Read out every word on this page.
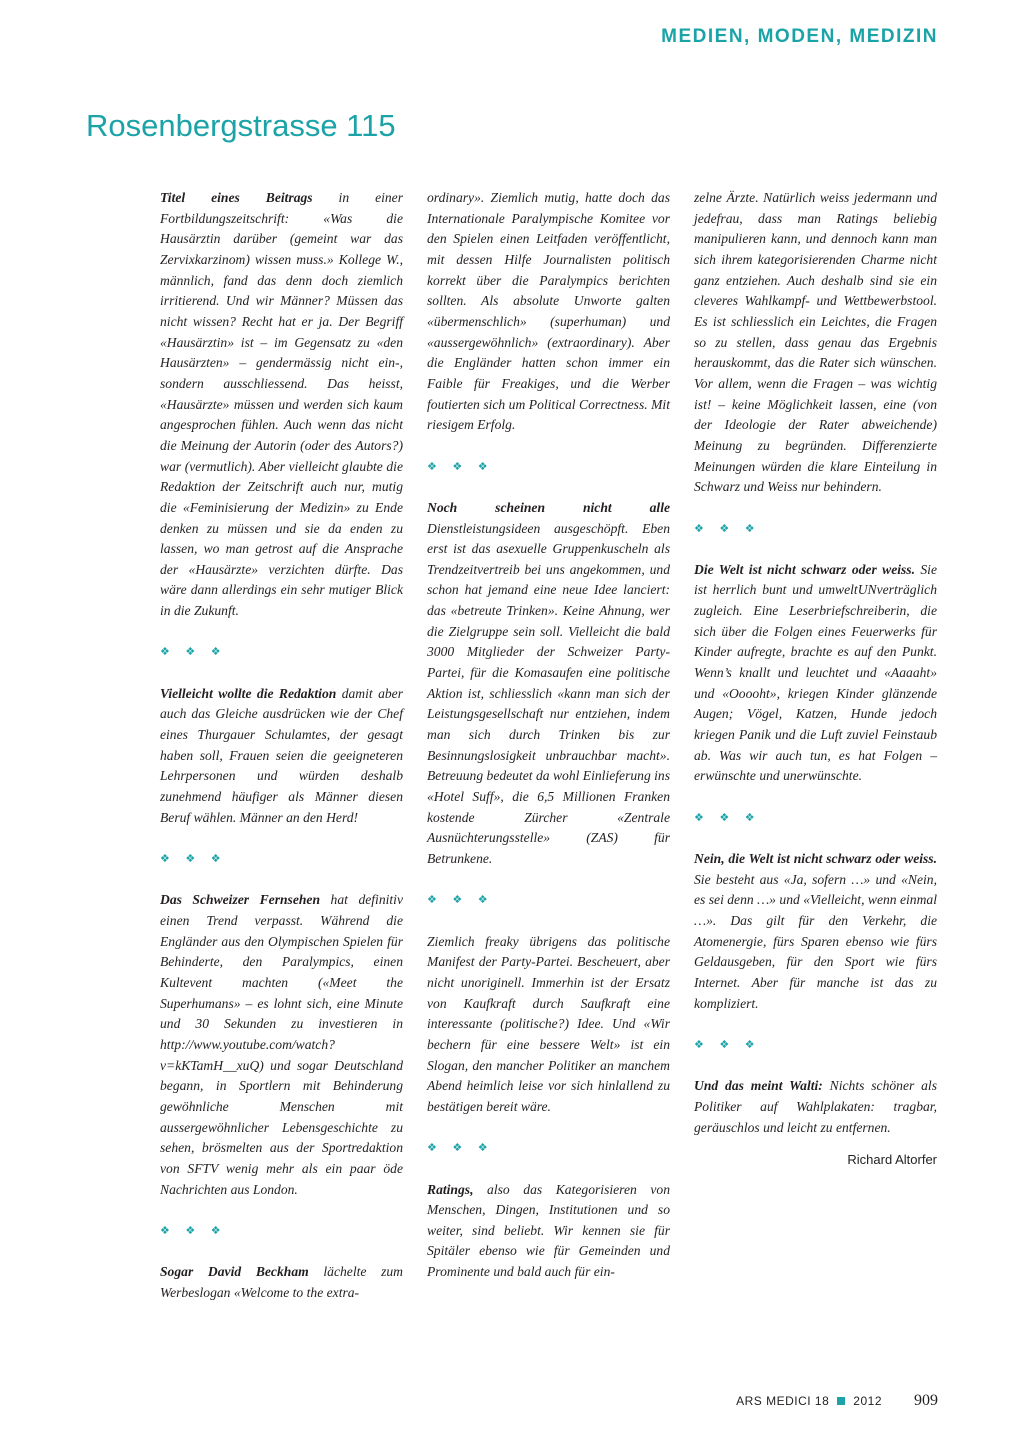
MEDIEN, MODEN, MEDIZIN
Rosenbergstrasse 115

Titel eines Beitrags in einer Fortbildungszeitschrift: «Was die Hausärztin darüber (gemeint war das Zervixkarzinom) wissen muss.» Kollege W., männlich, fand das denn doch ziemlich irritierend. Und wir Männer? Müssen das nicht wissen? Recht hat er ja. Der Begriff «Hausärztin» ist – im Gegensatz zu «den Hausärzten» – gendermässig nicht ein-, sondern ausschliessend. Das heisst, «Hausärzte» müssen und werden sich kaum angesprochen fühlen. Auch wenn das nicht die Meinung der Autorin (oder des Autors?) war (vermutlich). Aber vielleicht glaubte die Redaktion der Zeitschrift auch nur, mutig die «Feminisierung der Medizin» zu Ende denken zu müssen und sie da enden zu lassen, wo man getrost auf die Ansprache der «Hausärzte» verzichten dürfte. Das wäre dann allerdings ein sehr mutiger Blick in die Zukunft.

❖ ❖ ❖

Vielleicht wollte die Redaktion damit aber auch das Gleiche ausdrücken wie der Chef eines Thurgauer Schulamtes, der gesagt haben soll, Frauen seien die geeigneteren Lehrpersonen und würden deshalb zunehmend häufiger als Männer diesen Beruf wählen. Männer an den Herd!

❖ ❖ ❖

Das Schweizer Fernsehen hat definitiv einen Trend verpasst. Während die Engländer aus den Olympischen Spielen für Behinderte, den Paralympics, einen Kultevent machten («Meet the Superhumans» – es lohnt sich, eine Minute und 30 Sekunden zu investieren in http://www.youtube.com/watch?v=kKTamH__xuQ) und sogar Deutschland begann, in Sportlern mit Behinderung gewöhnliche Menschen mit aussergewöhnlicher Lebensgeschichte zu sehen, brösmelten aus der Sportredaktion von SFTV wenig mehr als ein paar öde Nachrichten aus London.

❖ ❖ ❖

Sogar David Beckham lächelte zum Werbeslogan «Welcome to the extra-

ordinary». Ziemlich mutig, hatte doch das Internationale Paralympische Komitee vor den Spielen einen Leitfaden veröffentlicht, mit dessen Hilfe Journalisten politisch korrekt über die Paralympics berichten sollten. Als absolute Unworte galten «übermenschlich» (superhuman) und «aussergewöhnlich» (extraordinary). Aber die Engländer hatten schon immer ein Faible für Freakiges, und die Werber foutierten sich um Political Correctness. Mit riesigem Erfolg.

❖ ❖ ❖

Noch scheinen nicht alle Dienstleistungsideen ausgeschöpft. Eben erst ist das asexuelle Gruppenkuscheln als Trendzeitvertreib bei uns angekommen, und schon hat jemand eine neue Idee lanciert: das «betreute Trinken». Keine Ahnung, wer die Zielgruppe sein soll. Vielleicht die bald 3000 Mitglieder der Schweizer Party-Partei, für die Komasaufen eine politische Aktion ist, schliesslich «kann man sich der Leistungsgesellschaft nur entziehen, indem man sich durch Trinken bis zur Besinnungslosigkeit unbrauchbar macht». Betreuung bedeutet da wohl Einlieferung ins «Hotel Suff», die 6,5 Millionen Franken kostende Zürcher «Zentrale Ausnüchterungsstelle» (ZAS) für Betrunkene.

❖ ❖ ❖

Ziemlich freaky übrigens das politische Manifest der Party-Partei. Bescheuert, aber nicht unoriginell. Immerhin ist der Ersatz von Kaufkraft durch Saufkraft eine interessante (politische?) Idee. Und «Wir bechern für eine bessere Welt» ist ein Slogan, den mancher Politiker an manchem Abend heimlich leise vor sich hinlallend zu bestätigen bereit wäre.

❖ ❖ ❖

Ratings, also das Kategorisieren von Menschen, Dingen, Institutionen und so weiter, sind beliebt. Wir kennen sie für Spitäler ebenso wie für Gemeinden und Prominente und bald auch für ein-

zelne Ärzte. Natürlich weiss jedermann und jedefrau, dass man Ratings beliebig manipulieren kann, und dennoch kann man sich ihrem kategorisierenden Charme nicht ganz entziehen. Auch deshalb sind sie ein cleveres Wahlkampf- und Wettbewerbstool. Es ist schliesslich ein Leichtes, die Fragen so zu stellen, dass genau das Ergebnis herauskommt, das die Rater sich wünschen. Vor allem, wenn die Fragen – was wichtig ist! – keine Möglichkeit lassen, eine (von der Ideologie der Rater abweichende) Meinung zu begründen. Differenzierte Meinungen würden die klare Einteilung in Schwarz und Weiss nur behindern.

❖ ❖ ❖

Die Welt ist nicht schwarz oder weiss. Sie ist herrlich bunt und umweltUNverträglich zugleich. Eine Leserbriefschreiberin, die sich über die Folgen eines Feuerwerks für Kinder aufregte, brachte es auf den Punkt. Wenn’s knallt und leuchtet und «Aaaaht» und «Ooooht», kriegen Kinder glänzende Augen; Vögel, Katzen, Hunde jedoch kriegen Panik und die Luft zuviel Feinstaub ab. Was wir auch tun, es hat Folgen – erwünschte und unerwünschte.

❖ ❖ ❖

Nein, die Welt ist nicht schwarz oder weiss. Sie besteht aus «Ja, sofern …» und «Nein, es sei denn …» und «Vielleicht, wenn einmal …». Das gilt für den Verkehr, die Atomenergie, fürs Sparen ebenso wie fürs Geldausgeben, für den Sport wie fürs Internet. Aber für manche ist das zu kompliziert.

❖ ❖ ❖

Und das meint Walti: Nichts schöner als Politiker auf Wahlplakaten: tragbar, geräuschlos und leicht zu entfernen.

Richard Altorfer
ARS MEDICI 18 2012 909
